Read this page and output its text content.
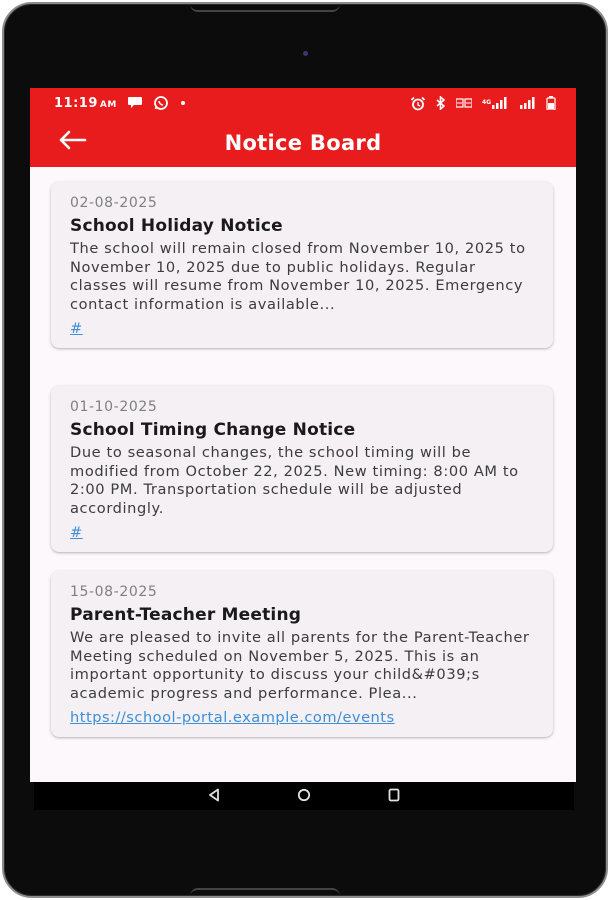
11:19 AM	4G
Notice Board
02-08-2025
School Holiday Notice
The school will remain closed from November 10, 2025 to November 10, 2025 due to public holidays. Regular classes will resume from November 10, 2025. Emergency contact information is available...
#
01-10-2025
School Timing Change Notice
Due to seasonal changes, the school timing will be modified from October 22, 2025. New timing: 8:00 AM to 2:00 PM. Transportation schedule will be adjusted accordingly.
#
15-08-2025
Parent-Teacher Meeting
We are pleased to invite all parents for the Parent-Teacher Meeting scheduled on November 5, 2025. This is an important opportunity to discuss your child&#039;s academic progress and performance. Plea...
https://school-portal.example.com/events
